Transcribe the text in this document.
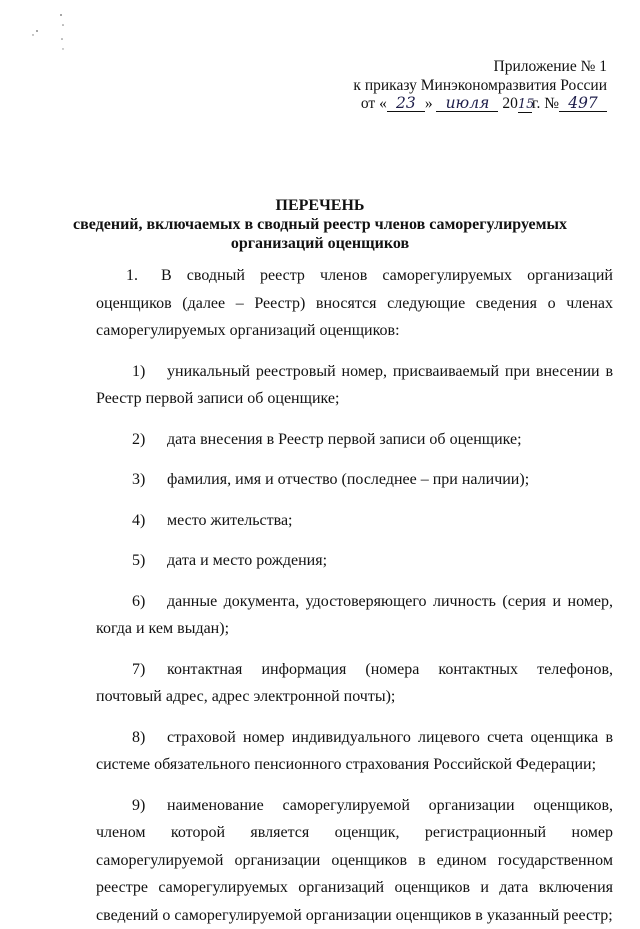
Приложение № 1
к приказу Минэкономразвития России
от « 23 » июля 2015г. № 497
ПЕРЕЧЕНЬ
сведений, включаемых в сводный реестр членов саморегулируемых
организаций оценщиков

1. В сводный реестр членов саморегулируемых организаций оценщиков (далее – Реестр) вносятся следующие сведения о членах саморегулируемых организаций оценщиков:

1) уникальный реестровый номер, присваиваемый при внесении в Реестр первой записи об оценщике;

2) дата внесения в Реестр первой записи об оценщике;

3) фамилия, имя и отчество (последнее – при наличии);

4) место жительства;

5) дата и место рождения;

6) данные документа, удостоверяющего личность (серия и номер, когда и кем выдан);

7) контактная информация (номера контактных телефонов, почтовый адрес, адрес электронной почты);

8) страховой номер индивидуального лицевого счета оценщика в системе обязательного пенсионного страхования Российской Федерации;

9) наименование саморегулируемой организации оценщиков, членом которой является оценщик, регистрационный номер саморегулируемой организации оценщиков в едином государственном реестре саморегулируемых организаций оценщиков и дата включения сведений о саморегулируемой организации оценщиков в указанный реестр;
